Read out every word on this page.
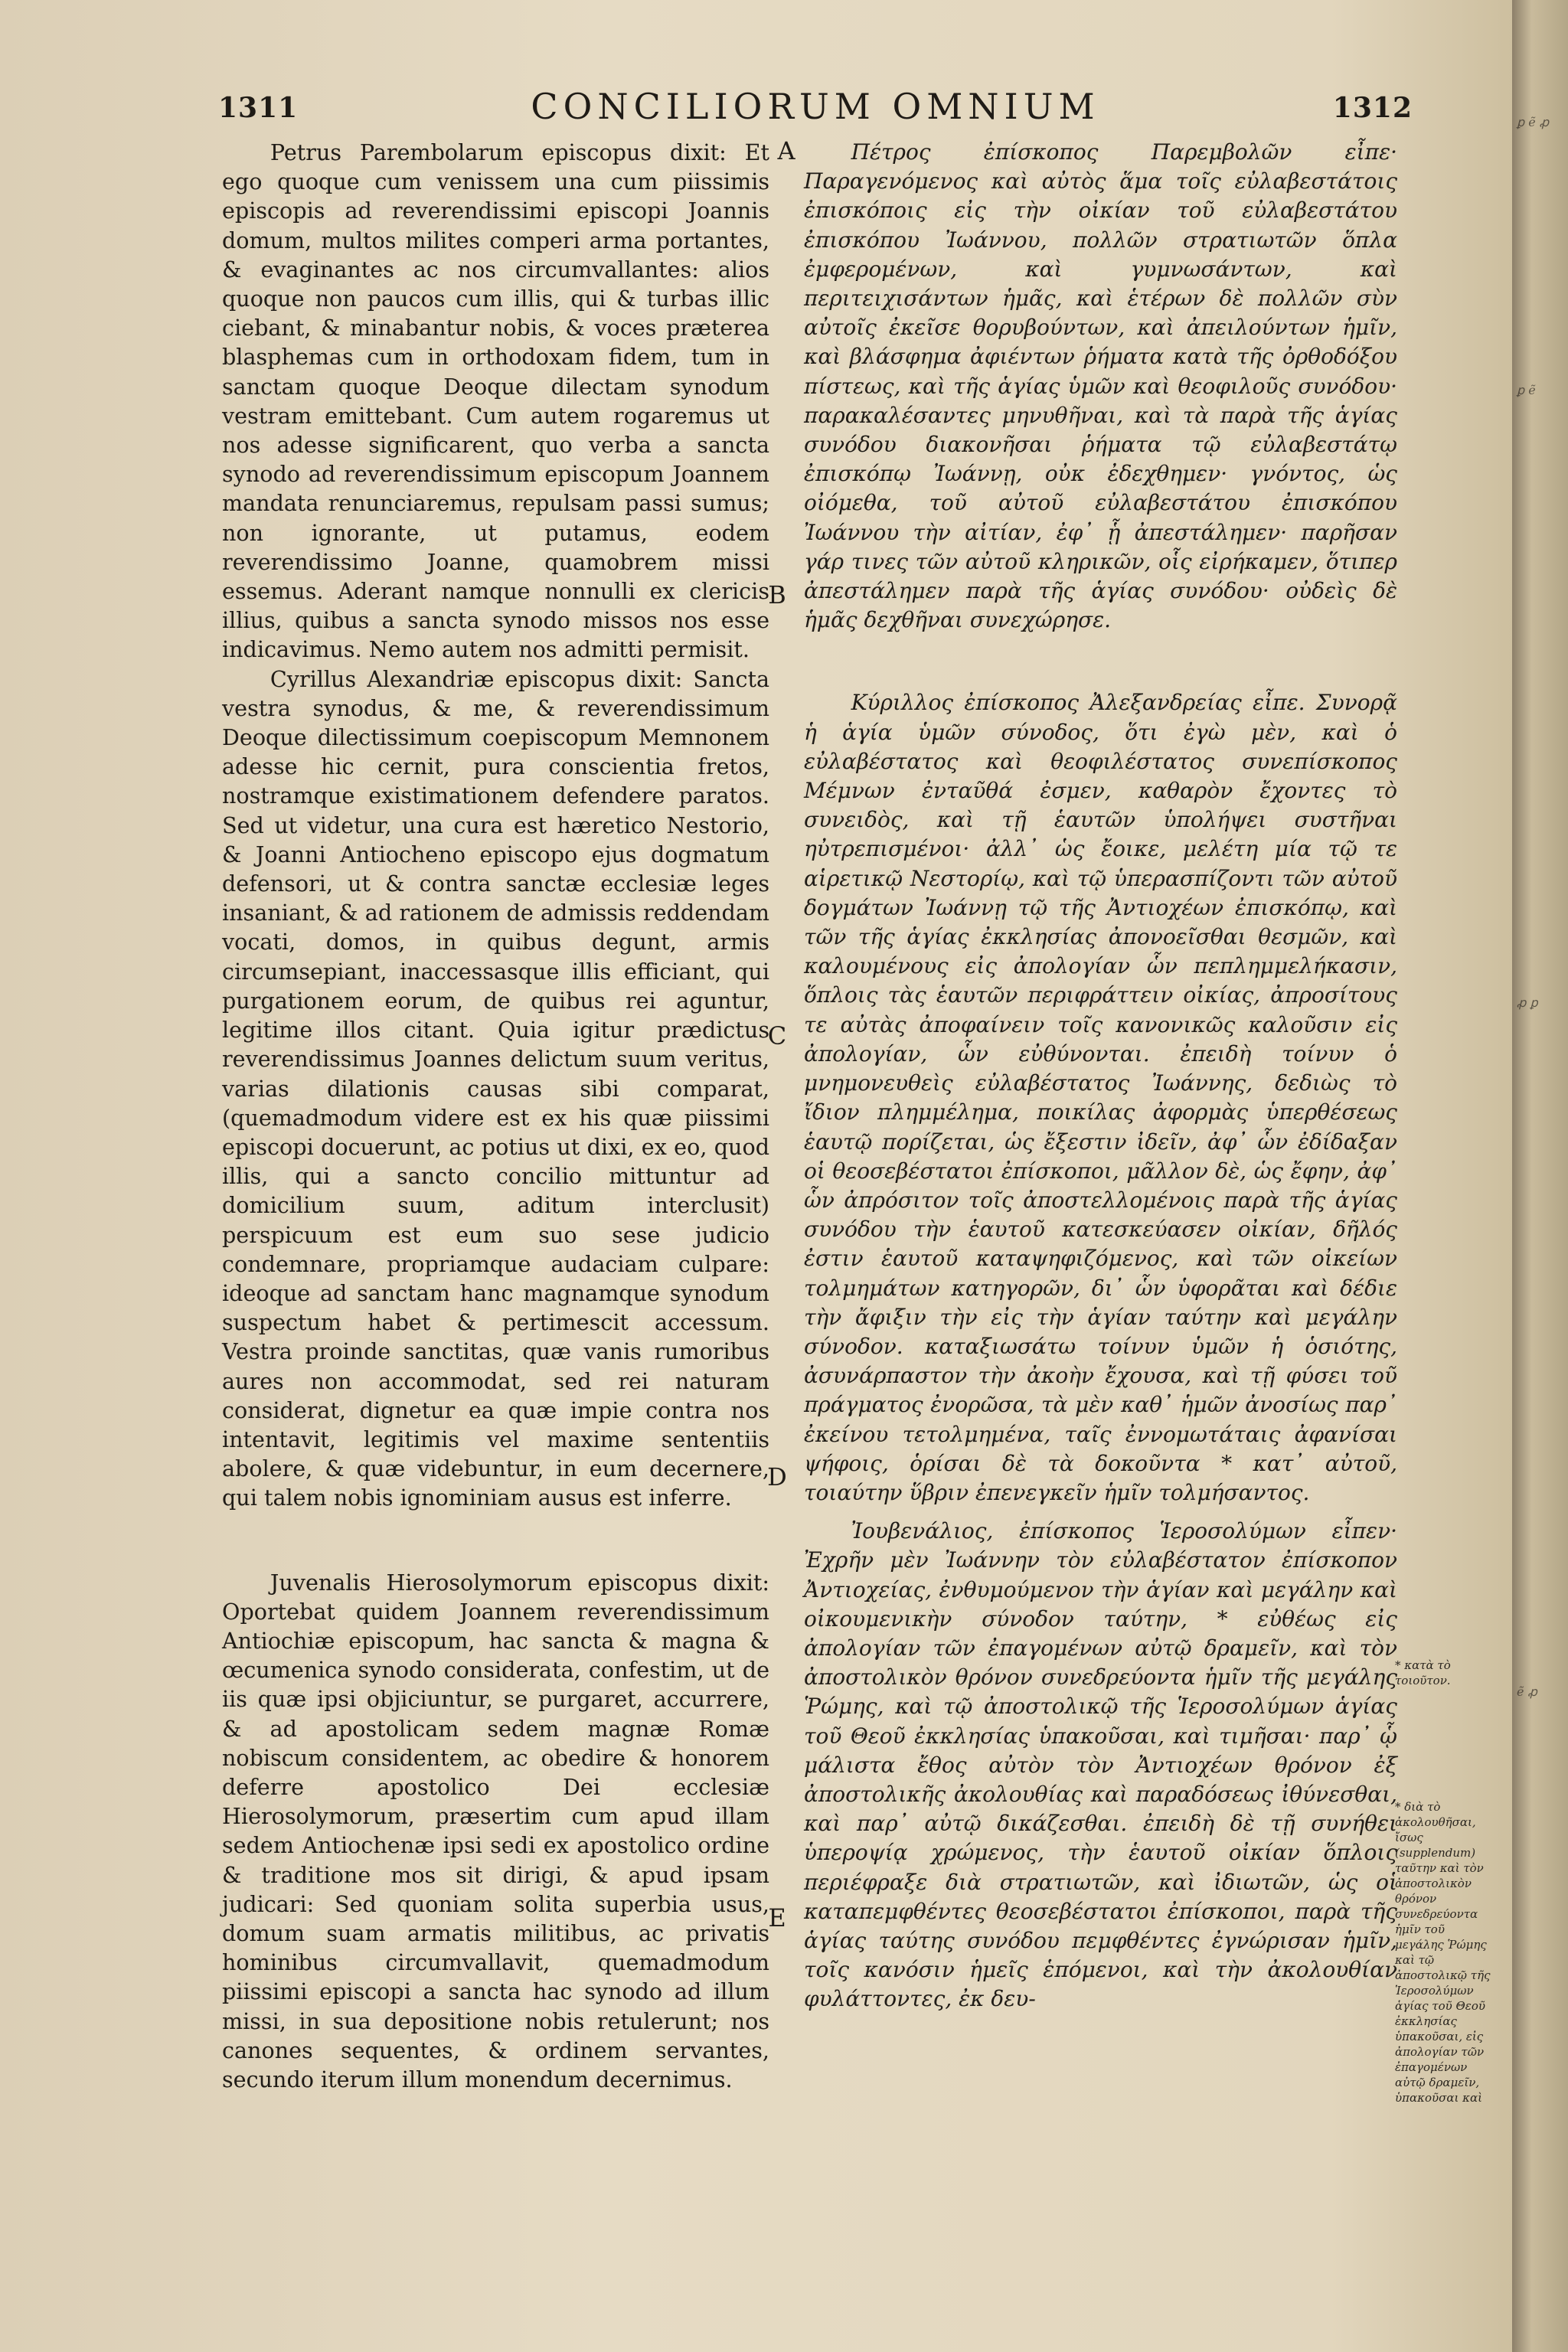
1311	CONCILIORUM OMNIUM	1312

Petrus Parembolarum episcopus dixit: Et ego quoque cum venissem una cum piissimis episcopis ad reverendissimi episcopi Joannis domum, multos milites comperi arma portantes, & evaginantes ac nos circumvallantes: alios quoque non paucos cum illis, qui & turbas illic ciebant, & minabantur nobis, & voces præterea blasphemas cum in orthodoxam fidem, tum in sanctam quoque Deoque dilectam synodum vestram emittebant. Cum autem rogaremus ut nos adesse significarent, quo verba a sancta synodo ad reverendissimum episcopum Joannem mandata renunciaremus, repulsam passi sumus; non ignorante, ut putamus, eodem reverendissimo Joanne, quamobrem missi essemus. Aderant namque nonnulli ex clericis illius, quibus a sancta synodo missos nos esse indicavimus. Nemo autem nos admitti permisit.

Cyrillus Alexandriæ episcopus dixit: Sancta vestra synodus, & me, & reverendissimum Deoque dilectissimum coepiscopum Memnonem adesse hic cernit, pura conscientia fretos, nostramque existimationem defendere paratos. Sed ut videtur, una cura est hæretico Nestorio, & Joanni Antiocheno episcopo ejus dogmatum defensori, ut & contra sanctæ ecclesiæ leges insaniant, & ad rationem de admissis reddendam vocati, domos, in quibus degunt, armis circumsepiant, inaccessasque illis efficiant, qui purgationem eorum, de quibus rei aguntur, legitime illos citant. Quia igitur prædictus reverendissimus Joannes delictum suum veritus, varias dilationis causas sibi comparat, (quemadmodum videre est ex his quæ piissimi episcopi docuerunt, ac potius ut dixi, ex eo, quod illis, qui a sancto concilio mittuntur ad domicilium suum, aditum interclusit) perspicuum est eum suo sese judicio condemnare, propriamque audaciam culpare: ideoque ad sanctam hanc magnamque synodum suspectum habet & pertimescit accessum. Vestra proinde sanctitas, quæ vanis rumoribus aures non accommodat, sed rei naturam considerat, dignetur ea quæ impie contra nos intentavit, legitimis vel maxime sententiis abolere, & quæ videbuntur, in eum decernere, qui talem nobis ignominiam ausus est inferre.

Juvenalis Hierosolymorum episcopus dixit: Oportebat quidem Joannem reverendissimum Antiochiæ episcopum, hac sancta & magna & œcumenica synodo considerata, confestim, ut de iis quæ ipsi objiciuntur, se purgaret, accurrere, & ad apostolicam sedem magnæ Romæ nobiscum considentem, ac obedire & honorem deferre apostolico Dei ecclesiæ Hierosolymorum, præsertim cum apud illam sedem Antiochenæ ipsi sedi ex apostolico ordine & traditione mos sit dirigi, & apud ipsam judicari: Sed quoniam solita superbia usus, domum suam armatis militibus, ac privatis hominibus circumvallavit, quemadmodum piissimi episcopi a sancta hac synodo ad illum missi, in sua depositione nobis retulerunt; nos canones sequentes, & ordinem servantes, secundo iterum illum monendum decernimus.

A
B
C
D
E

Πέτρος ἐπίσκοπος Παρεμβολῶν εἶπε· Παραγενόμενος καὶ αὐτὸς ἅμα τοῖς εὐλαβεστάτοις ἐπισκόποις εἰς τὴν οἰκίαν τοῦ εὐλαβεστάτου ἐπισκόπου Ἰωάννου, πολλῶν στρατιωτῶν ὅπλα ἐμφερομένων, καὶ γυμνωσάντων, καὶ περιτειχισάντων ἡμᾶς, καὶ ἑτέρων δὲ πολλῶν σὺν αὐτοῖς ἐκεῖσε θορυβούντων, καὶ ἀπειλούντων ἡμῖν, καὶ βλάσφημα ἀφιέντων ῥήματα κατὰ τῆς ὀρθοδόξου πίστεως, καὶ τῆς ἁγίας ὑμῶν καὶ θεοφιλοῦς συνόδου· παρακαλέσαντες μηνυθῆναι, καὶ τὰ παρὰ τῆς ἁγίας συνόδου διακονῆσαι ῥήματα τῷ εὐλαβεστάτῳ ἐπισκόπῳ Ἰωάννῃ, οὐκ ἐδεχθημεν· γνόντος, ὡς οἰόμεθα, τοῦ αὐτοῦ εὐλαβεστάτου ἐπισκόπου Ἰωάννου τὴν αἰτίαν, ἐφ᾽ ᾗ ἀπεστάλημεν· παρῆσαν γάρ τινες τῶν αὐτοῦ κληρικῶν, οἷς εἰρήκαμεν, ὅτιπερ ἀπεστάλημεν παρὰ τῆς ἁγίας συνόδου· οὐδεὶς δὲ ἡμᾶς δεχθῆναι συνεχώρησε.

Κύριλλος ἐπίσκοπος Ἀλεξανδρείας εἶπε. Συνορᾷ ἡ ἁγία ὑμῶν σύνοδος, ὅτι ἐγὼ μὲν, καὶ ὁ εὐλαβέστατος καὶ θεοφιλέστατος συνεπίσκοπος Μέμνων ἐνταῦθά ἐσμεν, καθαρὸν ἔχοντες τὸ συνειδὸς, καὶ τῇ ἑαυτῶν ὑπολήψει συστῆναι ηὐτρεπισμένοι· ἀλλ᾽ ὡς ἔοικε, μελέτη μία τῷ τε αἱρετικῷ Νεστορίῳ, καὶ τῷ ὑπερασπίζοντι τῶν αὐτοῦ δογμάτων Ἰωάννῃ τῷ τῆς Ἀντιοχέων ἐπισκόπῳ, καὶ τῶν τῆς ἁγίας ἐκκλησίας ἀπονοεῖσθαι θεσμῶν, καὶ καλουμένους εἰς ἀπολογίαν ὧν πεπλημμελήκασιν, ὅπλοις τὰς ἑαυτῶν περιφράττειν οἰκίας, ἀπροσίτους τε αὐτὰς ἀποφαίνειν τοῖς κανονικῶς καλοῦσιν εἰς ἀπολογίαν, ὧν εὐθύνονται. ἐπειδὴ τοίνυν ὁ μνημονευθεὶς εὐλαβέστατος Ἰωάννης, δεδιὼς τὸ ἴδιον πλημμέλημα, ποικίλας ἀφορμὰς ὑπερθέσεως ἑαυτῷ πορίζεται, ὡς ἔξεστιν ἰδεῖν, ἀφ᾽ ὧν ἐδίδαξαν οἱ θεοσεβέστατοι ἐπίσκοποι, μᾶλλον δὲ, ὡς ἔφην, ἀφ᾽ ὧν ἀπρόσιτον τοῖς ἀποστελλομένοις παρὰ τῆς ἁγίας συνόδου τὴν ἑαυτοῦ κατεσκεύασεν οἰκίαν, δῆλός ἐστιν ἑαυτοῦ καταψηφιζόμενος, καὶ τῶν οἰκείων τολμημάτων κατηγορῶν, δι᾽ ὧν ὑφορᾶται καὶ δέδιε τὴν ἄφιξιν τὴν εἰς τὴν ἁγίαν ταύτην καὶ μεγάλην σύνοδον. καταξιωσάτω τοίνυν ὑμῶν ἡ ὁσιότης, ἀσυνάρπαστον τὴν ἀκοὴν ἔχουσα, καὶ τῇ φύσει τοῦ πράγματος ἐνορῶσα, τὰ μὲν καθ᾽ ἡμῶν ἀνοσίως παρ᾽ ἐκείνου τετολμημένα, ταῖς ἐννομωτάταις ἀφανίσαι ψήφοις, ὁρίσαι δὲ τὰ δοκοῦντα * κατ᾽ αὐτοῦ, τοιαύτην ὕβριν ἐπενεγκεῖν ἡμῖν τολμήσαντος.

Ἰουβενάλιος, ἐπίσκοπος Ἱεροσολύμων εἶπεν· Ἐχρῆν μὲν Ἰωάννην τὸν εὐλαβέστατον ἐπίσκοπον Ἀντιοχείας, ἐνθυμούμενον τὴν ἁγίαν καὶ μεγάλην καὶ οἰκουμενικὴν σύνοδον ταύτην, * εὐθέως εἰς ἀπολογίαν τῶν ἐπαγομένων αὐτῷ δραμεῖν, καὶ τὸν ἀποστολικὸν θρόνον συνεδρεύοντα ἡμῖν τῆς μεγάλης Ῥώμης, καὶ τῷ ἀποστολικῷ τῆς Ἱεροσολύμων ἁγίας τοῦ Θεοῦ ἐκκλησίας ὑπακοῦσαι, καὶ τιμῆσαι· παρ᾽ ᾧ μάλιστα ἔθος αὐτὸν τὸν Ἀντιοχέων θρόνον ἐξ ἀποστολικῆς ἀκολουθίας καὶ παραδόσεως ἰθύνεσθαι, καὶ παρ᾽ αὐτῷ δικάζεσθαι. ἐπειδὴ δὲ τῇ συνήθει ὑπεροψίᾳ χρώμενος, τὴν ἑαυτοῦ οἰκίαν ὅπλοις περιέφραξε διὰ στρατιωτῶν, καὶ ἰδιωτῶν, ὡς οἱ καταπεμφθέντες θεοσεβέστατοι ἐπίσκοποι, παρὰ τῆς ἁγίας ταύτης συνόδου πεμφθέντες ἐγνώρισαν ἡμῖν, τοῖς κανόσιν ἡμεῖς ἑπόμενοι, καὶ τὴν ἀκολουθίαν φυλάττοντες, ἐκ δευ-

* κατὰ τὸ τοιοῦτον.
* διὰ τὸ ἀκολουθῆσαι, ἴσως (supplendum) ταῦτην καὶ τὸν ἀποστολικὸν θρόνον συνεδρεύοντα ἡμῖν τοῦ μεγάλης Ῥώμης καὶ τῷ ἀποστολικῷ τῆς Ἱεροσολύμων ἁγίας τοῦ Θεοῦ ἐκκλησίας ὑπακοῦσαι, εἰς ἀπολογίαν τῶν ἐπαγομένων αὐτῷ δραμεῖν, ὑπακοῦσαι καὶ
ꝑ ẽ ꝓ
ꝑ ẽ
ꝓ ꝑ
ẽ ꝓ
